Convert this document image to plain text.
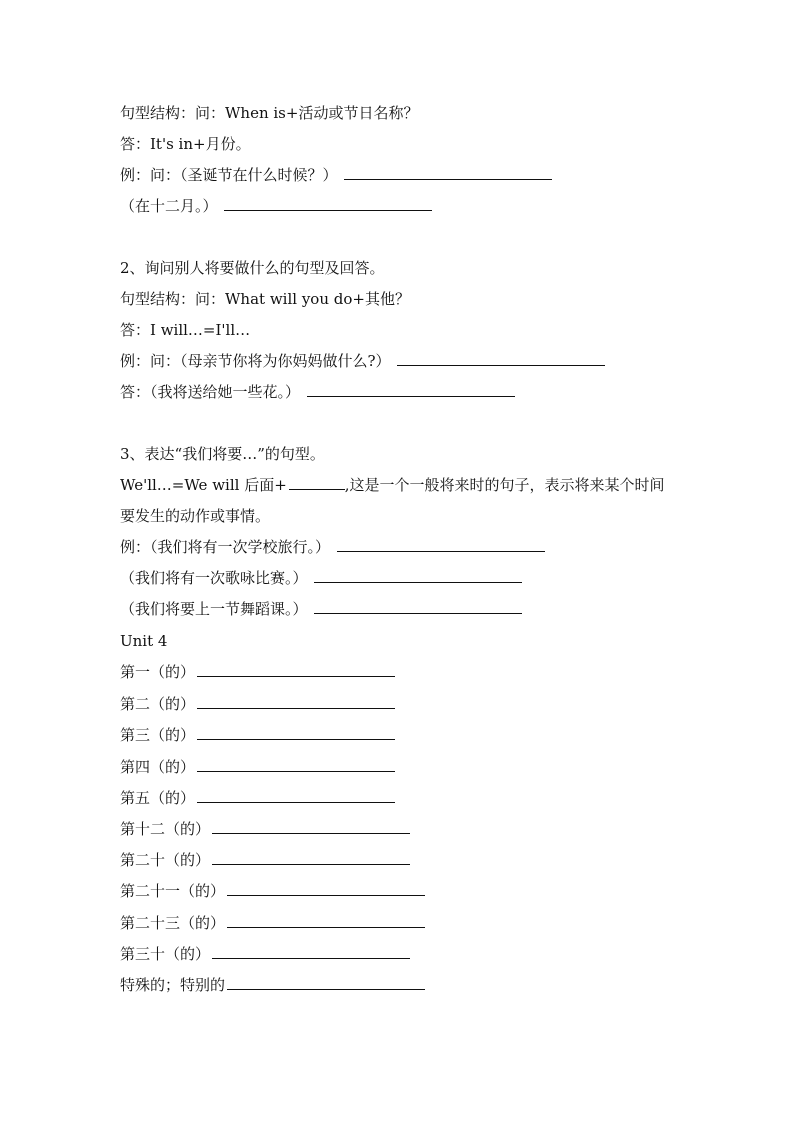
句型结构：问：When is+活动或节日名称？
答：It's in+月份。
例：问：（圣诞节在什么时候？）
（在十二月。）
2、询问别人将要做什么的句型及回答。
句型结构：问：What will you do+其他？
答：I will…=I'll…
例：问：（母亲节你将为你妈妈做什么?）
答：（我将送给她一些花。）
3、表达“我们将要…”的句型。
We'll…=We will 后面+	,这是一个一般将来时的句子，表示将来某个时间
要发生的动作或事情。
例：（我们将有一次学校旅行。）
（我们将有一次歌咏比赛。）
（我们将要上一节舞蹈课。）
Unit 4
第一（的）
第二（的）
第三（的）
第四（的）
第五（的）
第十二（的）
第二十（的）
第二十一（的）
第二十三（的）
第三十（的）
特殊的；特别的
